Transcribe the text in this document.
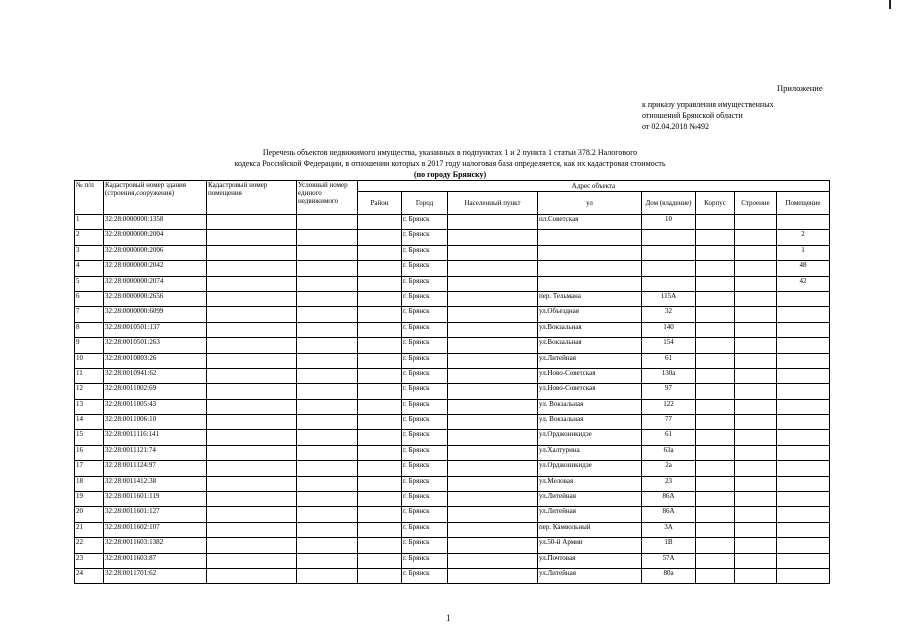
Приложение
к приказу управления имущественных
отношений Брянской области
от 02.04.2018 №492
Перечень объектов недвижимого имущества, указанных в подпунктах 1 и 2 пункта 1 статьи 378.2 Налогового
кодекса Российской Федерации, в отношении которых в 2017 году налоговая база определяется, как их кадастровая стоимость
(по городу Брянску)
№ п/п	Кадастровый номер здания (строения,сооружения)	Кадастровый номер помещения	Условный номер единого недвижимого	Адрес объекта							
				Район	Город	Населенный пункт	ул	Дом (владение)	Корпус	Строение	Помещение
1	32:28:0000000:1358				г. Брянск		пл.Советская	10			
2	32:28:0000000:2004				г. Брянск						2
3	32:28:0000000:2006				г. Брянск						1
4	32:28:0000000:2042				г. Брянск						48
5	32:28:0000000:2074				г. Брянск						42
6	32:28:0000000:2656				г. Брянск		пер. Тельмана	115А			
7	32:28:0000000:6099				г. Брянск		ул.Объездная	32			
8	32:28:0010501:137				г. Брянск		ул.Вокзальная	140			
9	32:28:0010501:263				г. Брянск		ул.Вокзальная	154			
10	32:28:0010803:26				г. Брянск		ул.Литейная	61			
11	32:28:0010941:62				г. Брянск		ул.Ново-Советская	130а			
12	32:28:0011002:69				г. Брянск		ул.Ново-Советская	97			
13	32:28:0011005:43				г. Брянск		ул. Вокзальная	122			
14	32:28:0011006:10				г. Брянск		ул. Вокзальная	77			
15	32:28:0011116:141				г. Брянск		ул.Орджоникидзе	61			
16	32:28:0011121:74				г. Брянск		ул.Халтурина	63а			
17	32:28:0011124:97				г. Брянск		ул.Орджоникидзе	2а			
18	32:28:0011412:38				г. Брянск		ул.Меловая	23			
19	32:28:0011601:119				г. Брянск		ул.Литейная	86А			
20	32:28:0011601:127				г. Брянск		ул.Литейная	86А			
21	32:28:0011602:107				г. Брянск		пер. Камвольный	3А			
22	32:28:0011603:1382				г. Брянск		ул.50-й Армии	1В			
23	32:28:0011603:87				г. Брянск		ул.Почтовая	57А			
24	32:28:0011701:62				г. Брянск		ул.Литейная	80а			
1
